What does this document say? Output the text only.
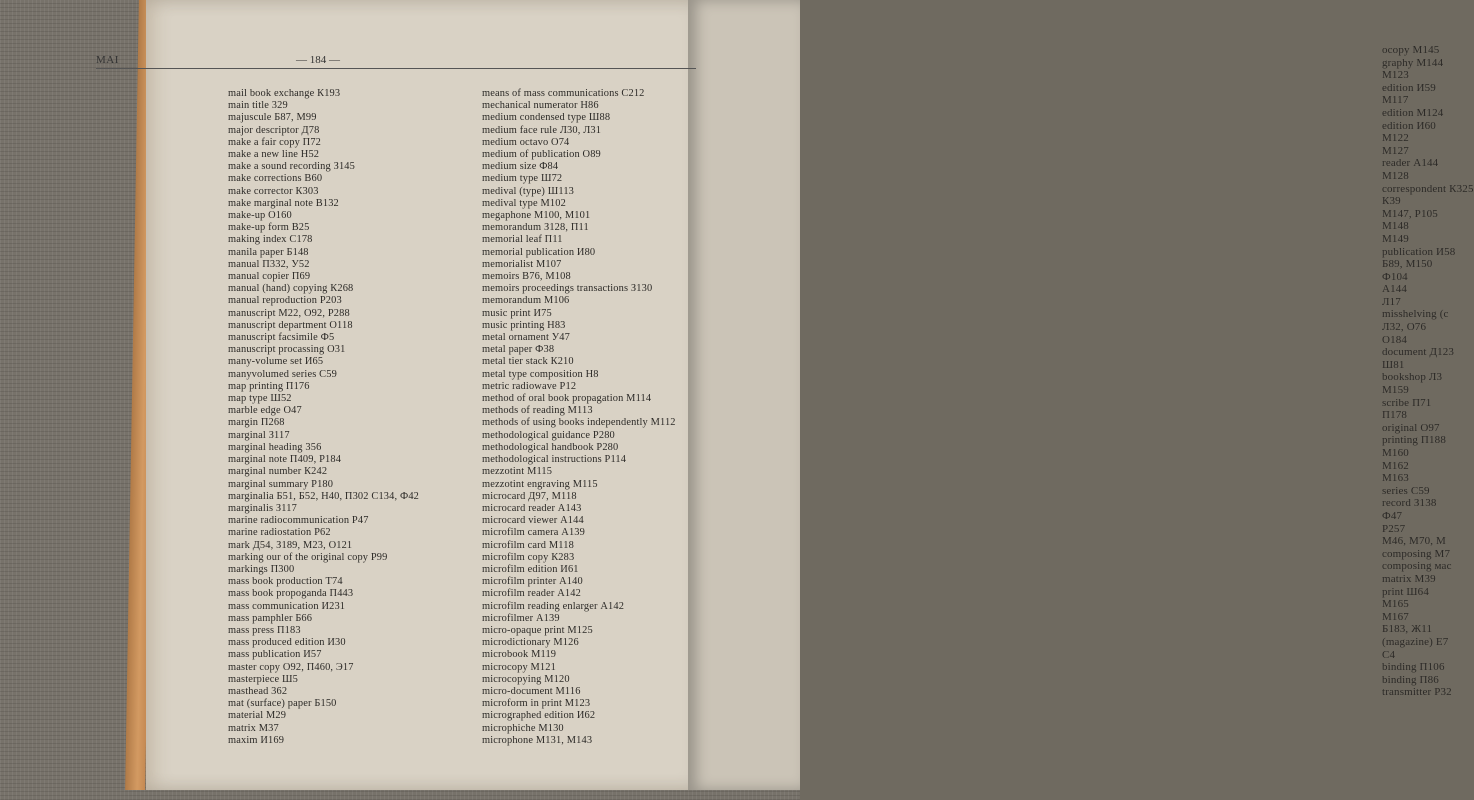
ocopy М145
graphy М144
М123
edition И59
М117
edition М124
edition И60
М122
М127
reader А144
М128
correspondent К325
К39
М147, Р105
М148
М149
publication И58
Б89, М150
Ф104
А144
Л17
misshelving (с
Л32, О76
О184
document Д123
Ш81
bookshop Л3
М159
scribe П71
П178
original О97
printing П188
М160
М162
М163
series С59
record З138
Ф47
Р257
М46, М70, М
composing М7
composing мас
matrix М39
print Ш64
М165
М167
Б183, Ж11
(magazine) Е7
С4
binding П106
binding П86
transmitter Р32
MAI	— 184 —
mail book exchange К193
main title 329
majuscule Б87, М99
major descriptor Д78
make a fair copy П72
make a new line Н52
make a sound recording З145
make corrections В60
make corrector К303
make marginal note В132
make-up О160
make-up form В25
making index С178
manila paper Б148
manual П332, У52
manual copier П69
manual (hand) copying К268
manual reproduction Р203
manuscript М22, О92, Р288
manuscript department О118
manuscript facsimile Ф5
manuscript procassing О31
many-volume set И65
manyvolumed series С59
map printing П176
map type Ш52
marble edge О47
margin П268
marginal З117
marginal heading 356
marginal note П409, Р184
marginal number К242
marginal summary Р180
marginalia Б51, Б52, Н40, П302 С134, Ф42
marginalis З117
marine radiocommunication Р47
marine radiostation Р62
mark Д54, З189, М23, О121
marking our of the original copy Р99
markings П300
mass book production Т74
mass book propoganda П443
mass communication И231
mass pamphler Б66
mass press П183
mass produced edition И30
mass publication И57
master copy О92, П460, Э17
masterpiece Ш5
masthead 362
mat (surface) paper Б150
material М29
matrix М37
maxim И169
means of mass communications С212
mechanical numerator Н86
medium condensed type Ш88
medium face rule Л30, Л31
medium octavo О74
medium of publication О89
medium size Ф84
medium type Ш72
medival (type) Ш113
medival type М102
megaphone М100, М101
memorandum З128, П11
memorial leaf П11
memorial publication И80
memorialist М107
memoirs В76, М108
memoirs proceedings transactions З130
memorandum М106
music print И75
music printing Н83
metal ornament У47
metal paper Ф38
metal tier stack К210
metal type composition Н8
metric radiowave Р12
method of oral book propagation М114
methods of reading М113
methods of using books independently М112
methodological guidance Р280
methodological handbook Р280
methodological instructions Р114
mezzotint М115
mezzotint engraving М115
microcard Д97, М118
microcard reader А143
microcard viewer А144
microfilm camera А139
microfilm card М118
microfilm copy К283
microfilm edition И61
microfilm printer А140
microfilm reader А142
microfilm reading enlarger А142
microfilmer А139
micro-opaque print М125
microdictionary М126
microbook М119
microcopy М121
microcopying М120
micro-document М116
microform in print М123
micrographed edition И62
microphiche М130
microphone М131, М143
